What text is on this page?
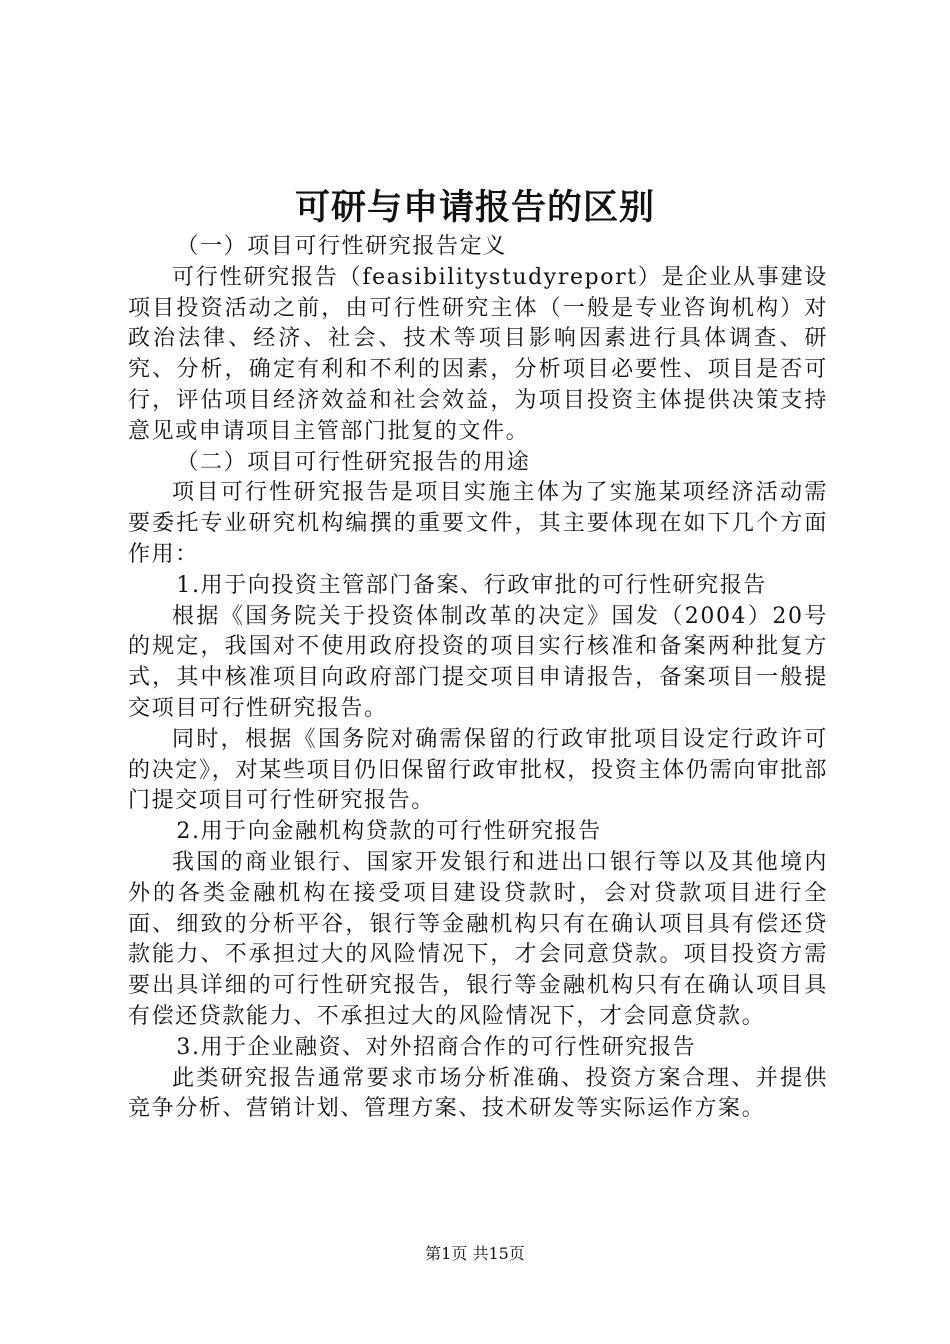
可研与申请报告的区别

（一）项目可行性研究报告定义

可行性研究报告（feasibilitystudyreport）是企业从事建设项目投资活动之前，由可行性研究主体（一般是专业咨询机构）对政治法律、经济、社会、技术等项目影响因素进行具体调查、研究、分析，确定有利和不利的因素，分析项目必要性、项目是否可行，评估项目经济效益和社会效益，为项目投资主体提供决策支持意见或申请项目主管部门批复的文件。

（二）项目可行性研究报告的用途

项目可行性研究报告是项目实施主体为了实施某项经济活动需要委托专业研究机构编撰的重要文件，其主要体现在如下几个方面作用：

1.用于向投资主管部门备案、行政审批的可行性研究报告

根据《国务院关于投资体制改革的决定》国发（2004）20号的规定，我国对不使用政府投资的项目实行核准和备案两种批复方式，其中核准项目向政府部门提交项目申请报告，备案项目一般提交项目可行性研究报告。

同时，根据《国务院对确需保留的行政审批项目设定行政许可的决定》，对某些项目仍旧保留行政审批权，投资主体仍需向审批部门提交项目可行性研究报告。

2.用于向金融机构贷款的可行性研究报告

我国的商业银行、国家开发银行和进出口银行等以及其他境内外的各类金融机构在接受项目建设贷款时，会对贷款项目进行全面、细致的分析平谷，银行等金融机构只有在确认项目具有偿还贷款能力、不承担过大的风险情况下，才会同意贷款。项目投资方需要出具详细的可行性研究报告，银行等金融机构只有在确认项目具有偿还贷款能力、不承担过大的风险情况下，才会同意贷款。

3.用于企业融资、对外招商合作的可行性研究报告

此类研究报告通常要求市场分析准确、投资方案合理、并提供竞争分析、营销计划、管理方案、技术研发等实际运作方案。

第1页 共15页
